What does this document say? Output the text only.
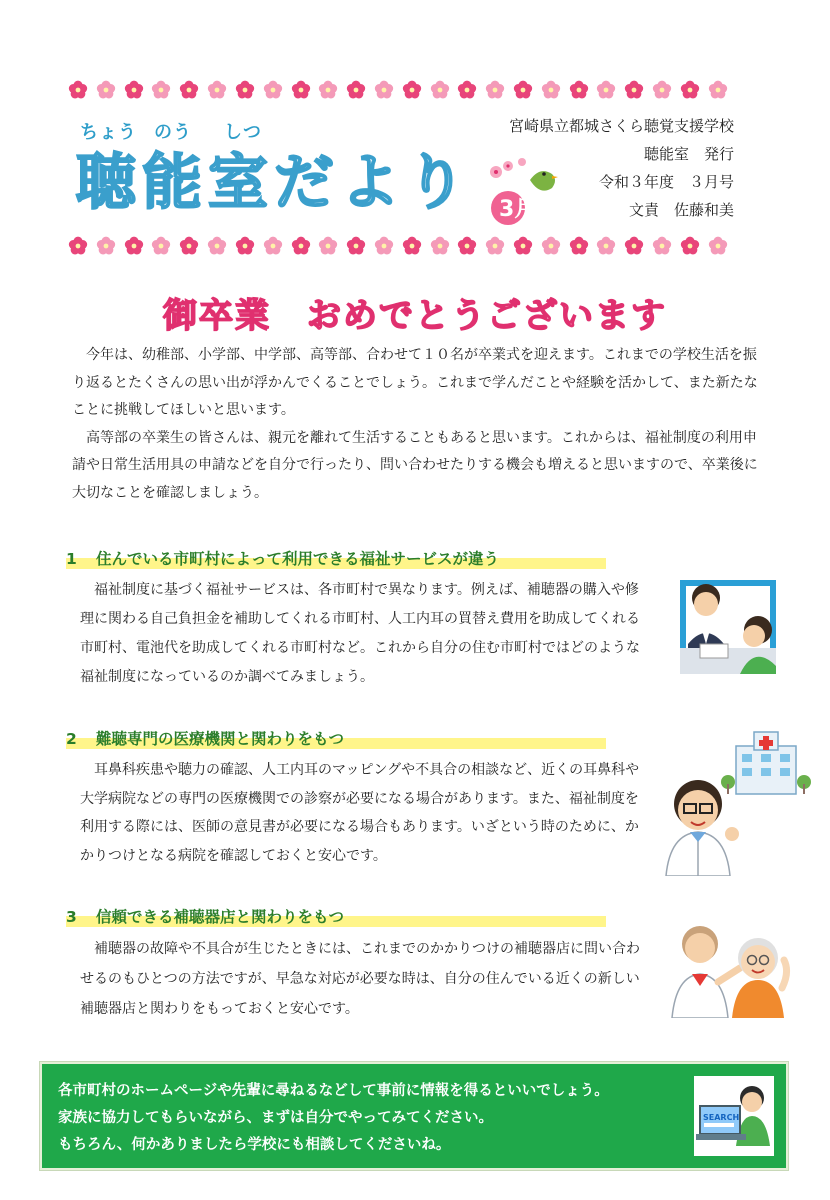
ちょう のう しつ
聴能室だより	3月
宮崎県立都城さくら聴覚支援学校
聴能室　発行
令和３年度　３月号
文責　佐藤和美
御卒業　おめでとうございます

今年は、幼稚部、小学部、中学部、高等部、合わせて１０名が卒業式を迎えます。これまでの学校生活を振り返るとたくさんの思い出が浮かんでくることでしょう。これまで学んだことや経験を活かして、また新たなことに挑戦してほしいと思います。

高等部の卒業生の皆さんは、親元を離れて生活することもあると思います。これからは、福祉制度の利用申請や日常生活用具の申請などを自分で行ったり、問い合わせたりする機会も増えると思いますので、卒業後に大切なことを確認しましょう。

1 住んでいる市町村によって利用できる福祉サービスが違う

福祉制度に基づく福祉サービスは、各市町村で異なります。例えば、補聴器の購入や修理に関わる自己負担金を補助してくれる市町村、人工内耳の買替え費用を助成してくれる市町村、電池代を助成してくれる市町村など。これから自分の住む市町村ではどのような福祉制度になっているのか調べてみましょう。

2 難聴専門の医療機関と関わりをもつ

耳鼻科疾患や聴力の確認、人工内耳のマッピングや不具合の相談など、近くの耳鼻科や大学病院などの専門の医療機関での診察が必要になる場合があります。また、福祉制度を利用する際には、医師の意見書が必要になる場合もあります。いざという時のために、かかりつけとなる病院を確認しておくと安心です。

3 信頼できる補聴器店と関わりをもつ

補聴器の故障や不具合が生じたときには、これまでのかかりつけの補聴器店に問い合わせるのもひとつの方法ですが、早急な対応が必要な時は、自分の住んでいる近くの新しい補聴器店と関わりをもっておくと安心です。

各市町村のホームページや先輩に尋ねるなどして事前に情報を得るといいでしょう。
家族に協力してもらいながら、まずは自分でやってみてください。
もちろん、何かありましたら学校にも相談してくださいね。
SEARCH
